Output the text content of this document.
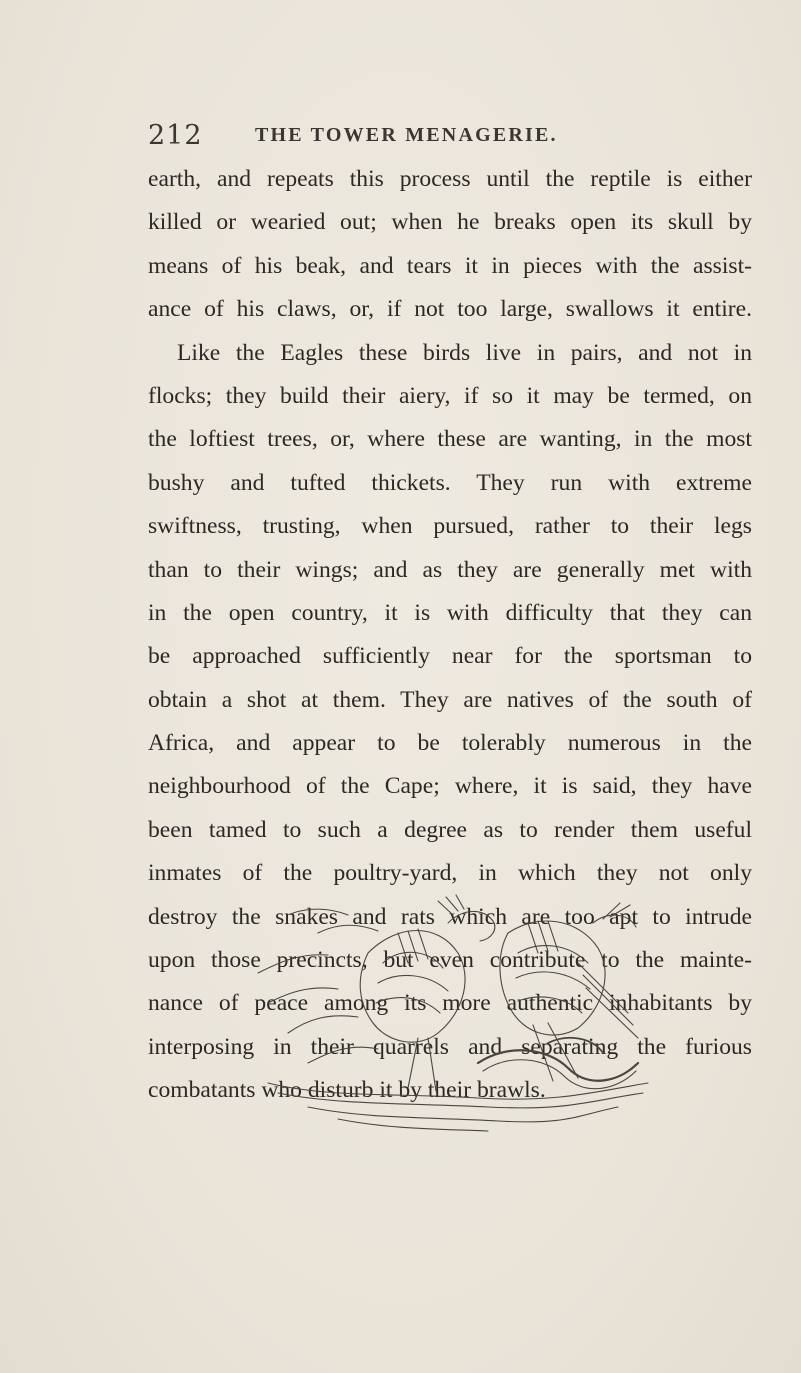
212	THE TOWER MENAGERIE.
earth, and repeats this process until the reptile is either
killed or wearied out; when he breaks open its skull by
means of his beak, and tears it in pieces with the assist-
ance of his claws, or, if not too large, swallows it entire.
Like the Eagles these birds live in pairs, and not in
flocks; they build their aiery, if so it may be termed, on
the loftiest trees, or, where these are wanting, in the most
bushy and tufted thickets. They run with extreme
swiftness, trusting, when pursued, rather to their legs
than to their wings; and as they are generally met with
in the open country, it is with difficulty that they can
be approached sufficiently near for the sportsman to
obtain a shot at them. They are natives of the south of
Africa, and appear to be tolerably numerous in the
neighbourhood of the Cape; where, it is said, they have
been tamed to such a degree as to render them useful
inmates of the poultry-yard, in which they not only
destroy the snakes and rats which are too apt to intrude
upon those precincts, but even contribute to the mainte-
nance of peace among its more authentic inhabitants by
interposing in their quarrels and separating the furious
combatants who disturb it by their brawls.
